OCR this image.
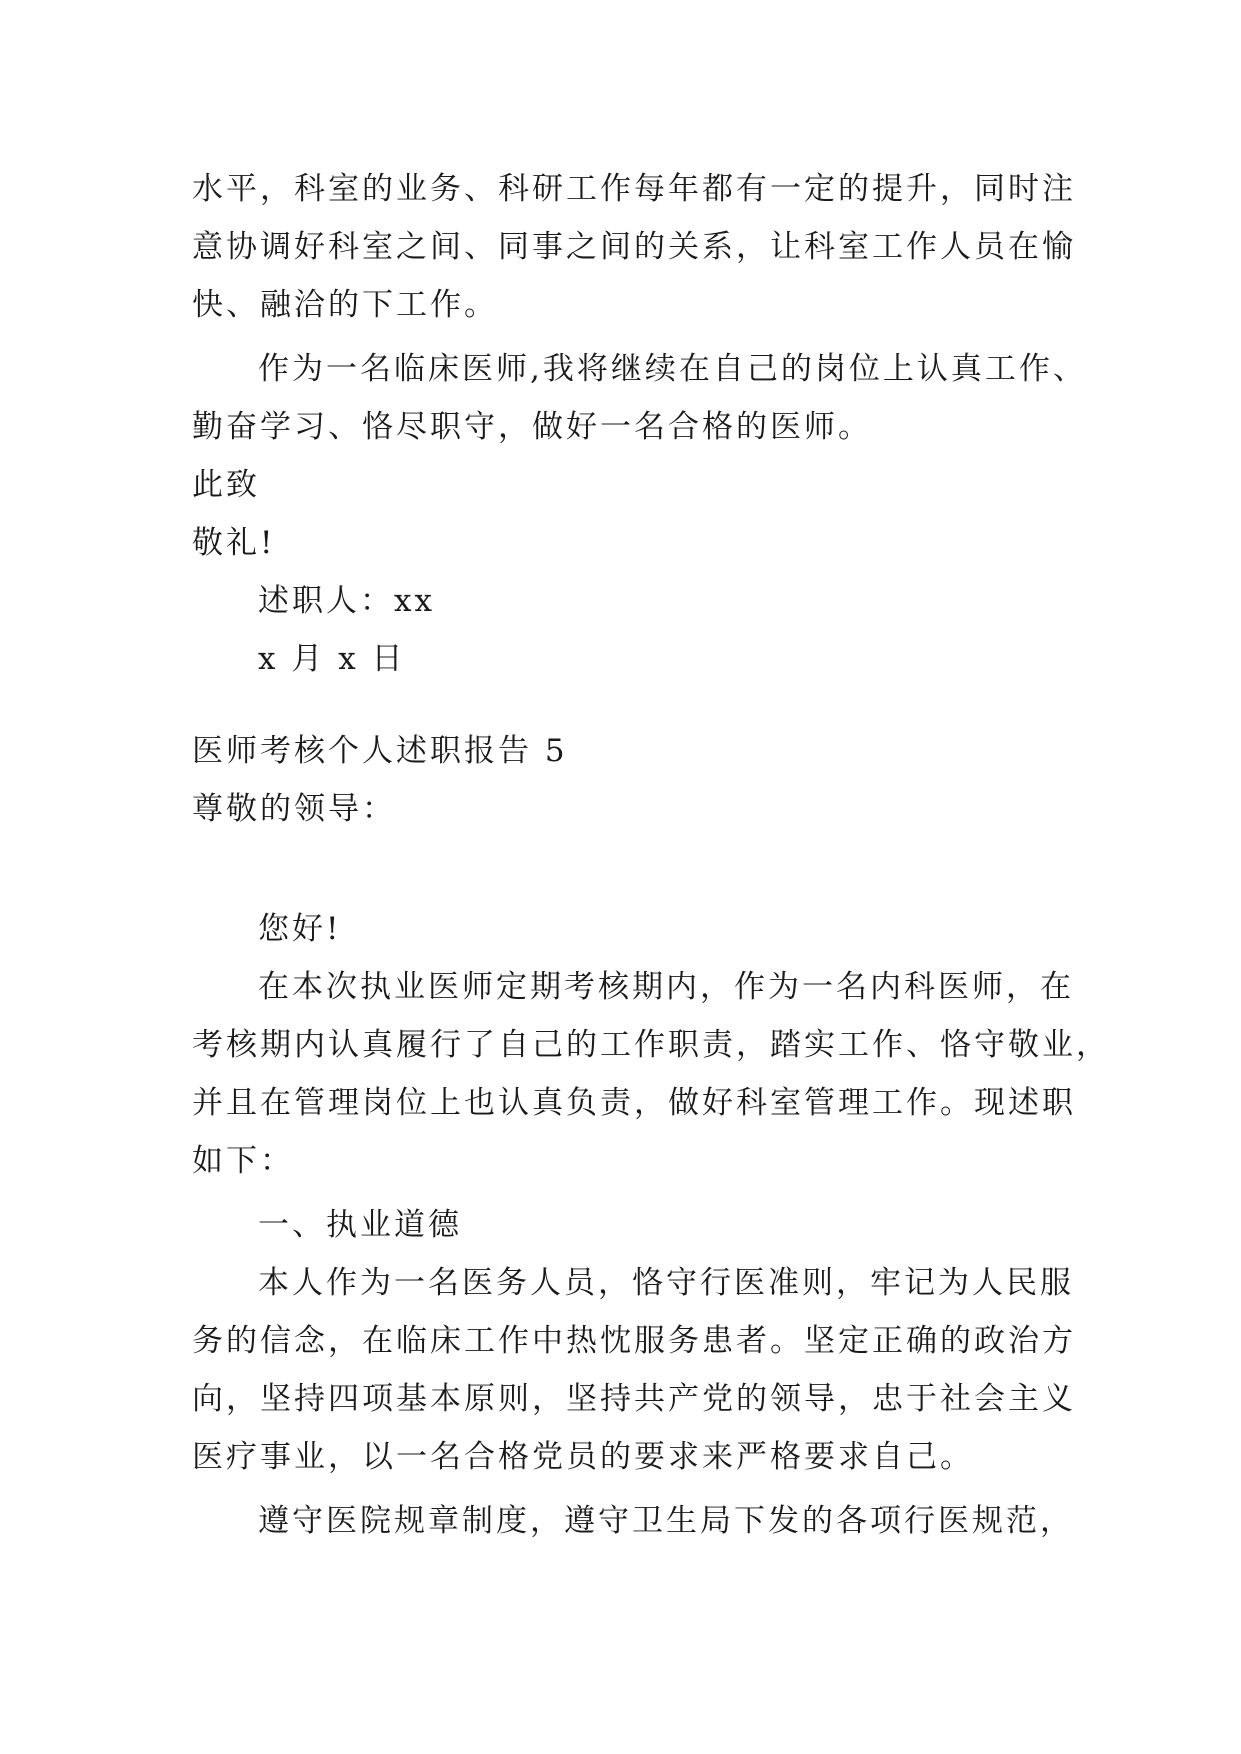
水平，科室的业务、科研工作每年都有一定的提升，同时注
意协调好科室之间、同事之间的关系，让科室工作人员在愉
快、融洽的下工作。
作为一名临床医师,我将继续在自己的岗位上认真工作、
勤奋学习、恪尽职守，做好一名合格的医师。
此致
敬礼!
述职人：xx
x 月 x 日
医师考核个人述职报告 5
尊敬的领导：
您好!
在本次执业医师定期考核期内，作为一名内科医师，在
考核期内认真履行了自己的工作职责，踏实工作、恪守敬业，
并且在管理岗位上也认真负责，做好科室管理工作。现述职
如下：
一、执业道德
本人作为一名医务人员，恪守行医准则，牢记为人民服
务的信念，在临床工作中热忱服务患者。坚定正确的政治方
向，坚持四项基本原则，坚持共产党的领导，忠于社会主义
医疗事业，以一名合格党员的要求来严格要求自己。
遵守医院规章制度，遵守卫生局下发的各项行医规范，
